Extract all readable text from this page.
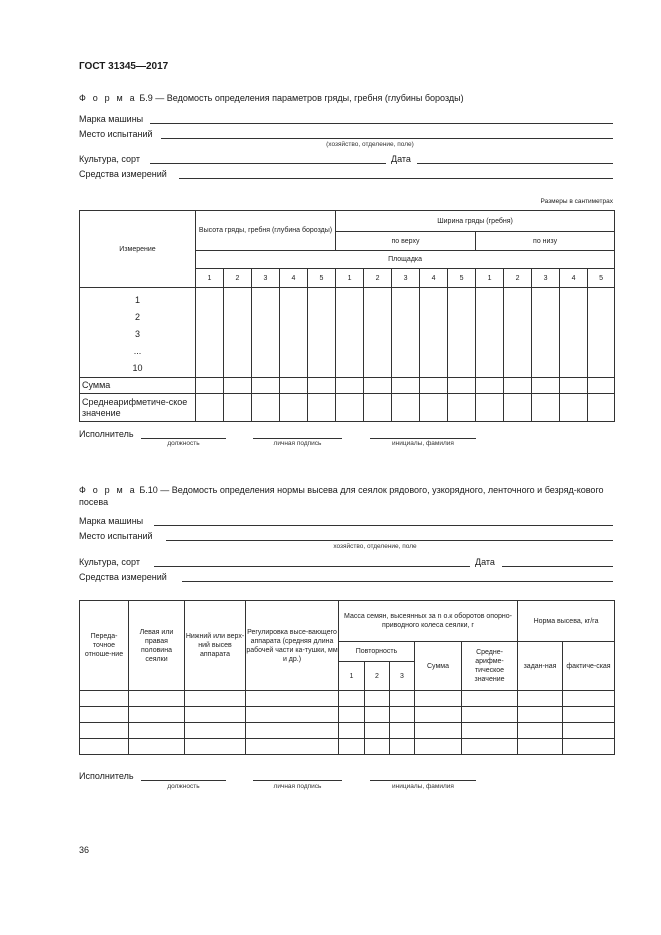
ГОСТ 31345—2017
Ф о р м а Б.9 — Ведомость определения параметров гряды, гребня (глубины борозды)
Марка машины
Место испытаний
(хозяйство, отделение, поле)
Культура, сорт	Дата
Средства измерений
Размеры в сантиметрах
Измерение	Высота гряды, гребня (глубина борозды)					Ширина гряды (гребня)									
						по верху					по низу				
	Площадка														
	1	2	3	4	5	1	2	3	4	5	1	2	3	4	5

1
2
3
...
10															

Сумма															
Среднеарифметиче-ское значение															
Исполнитель
должность	личная подпись	инициалы, фамилия
Ф о р м а Б.10 — Ведомость определения нормы высева для сеялок рядового, узкорядного, ленточного и безряд-кового посева
Марка машины
Место испытаний
хозяйство, отделение, поле
Культура, сорт	Дата
Средства измерений
Переда-точное отноше-ние	Левая или правая половина сеялки	Нижний или верх-ний высев аппарата	Регулировка высе-вающего аппарата (средняя длина рабочей части ка-тушки, мм и др.)	Масса семян, высеянных за n o.к оборотов опорно-приводного колеса сеялки, г					Норма высева, кг/га	
				Повторность			Сумма	Средне-арифме-тическое значение	задан-ная	фактиче-ская
				1	2	3				

Исполнитель
должность	личная подпись	инициалы, фамилия
36
